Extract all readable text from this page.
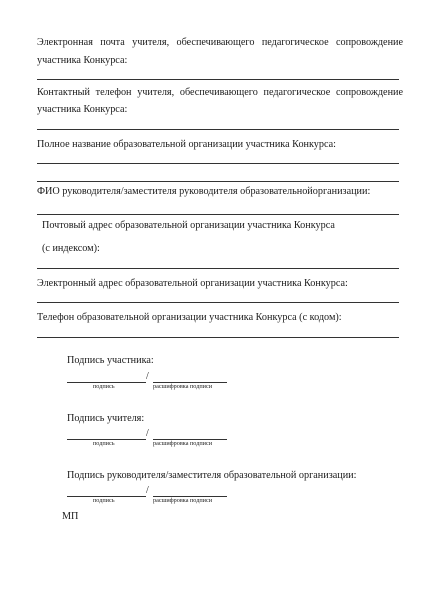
Электронная почта учителя, обеспечивающего педагогическое сопровождение
участника Конкурса:
Контактный телефон учителя, обеспечивающего педагогическое сопровождение
участника Конкурса:
Полное название образовательной организации участника Конкурса:
ФИО руководителя/заместителя руководителя образовательнойорганизации:
Почтовый адрес образовательной организации участника Конкурса
(с индексом):
Электронный адрес образовательной организации участника Конкурса:
Телефон образовательной организации участника Конкурса (с кодом):
Подпись участника:
/
подпись	расшифровка подписи
Подпись учителя:
/
подпись	расшифровка подписи
Подпись руководителя/заместителя образовательной организации:
/
подпись	расшифровка подписи
МП
